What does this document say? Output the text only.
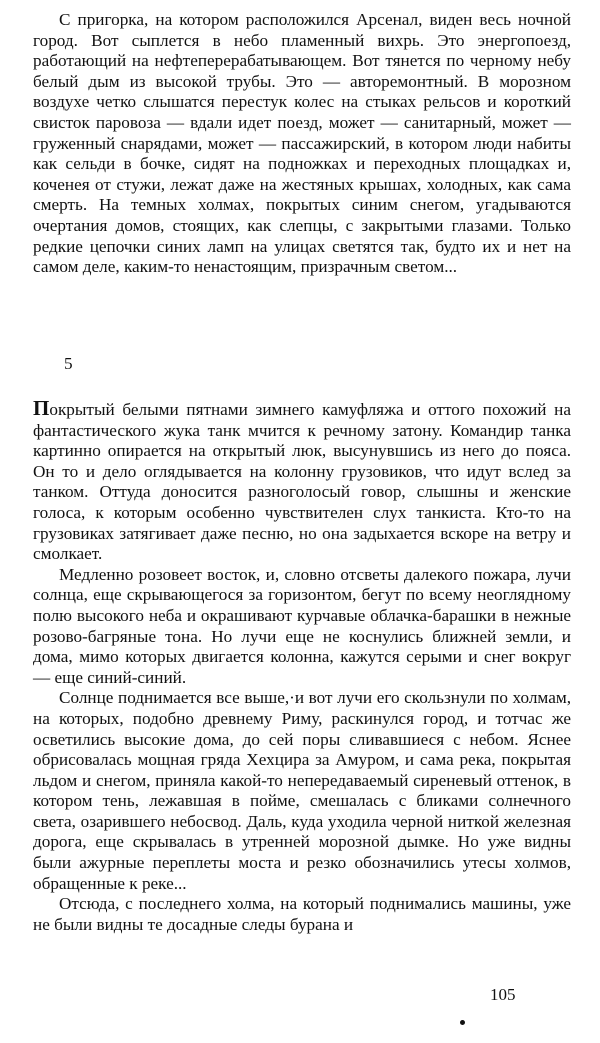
С пригорка, на котором расположился Арсенал, виден весь ночной город. Вот сыплется в небо пламенный вихрь. Это энергопоезд, работающий на нефтеперерабатывающем. Вот тянется по черному небу белый дым из высокой трубы. Это — авторемонтный. В морозном воздухе четко слышатся перестук колес на стыках рельсов и короткий свисток паровоза — вдали идет поезд, может — санитарный, может — груженный снарядами, может — пассажирский, в котором люди набиты как сельди в бочке, сидят на подножках и переходных площадках и, коченея от стужи, лежат даже на жестяных крышах, холодных, как сама смерть. На темных холмах, покрытых синим снегом, угадываются очертания домов, стоящих, как слепцы, с закрытыми глазами. Только редкие цепочки синих ламп на улицах светятся так, будто их и нет на самом деле, каким-то ненастоящим, призрачным светом...

5

Покрытый белыми пятнами зимнего камуфляжа и оттого похожий на фантастического жука танк мчится к речному затону. Командир танка картинно опирается на открытый люк, высунувшись из него до пояса. Он то и дело оглядывается на колонну грузовиков, что идут вслед за танком. Оттуда доносится разноголосый говор, слышны и женские голоса, к которым особенно чувствителен слух танкиста. Кто-то на грузовиках затягивает даже песню, но она задыхается вскоре на ветру и смолкает.

Медленно розовеет восток, и, словно отсветы далекого пожара, лучи солнца, еще скрывающегося за горизонтом, бегут по всему неоглядному полю высокого неба и окрашивают курчавые облачка-барашки в нежные розово-багряные тона. Но лучи еще не коснулись ближней земли, и дома, мимо которых двигается колонна, кажутся серыми и снег вокруг — еще синий-синий.

Солнце поднимается все выше,·и вот лучи его скользнули по холмам, на которых, подобно древнему Риму, раскинулся город, и тотчас же осветились высокие дома, до сей поры сливавшиеся с небом. Яснее обрисовалась мощная гряда Хехцира за Амуром, и сама река, покрытая льдом и снегом, приняла какой-то непередаваемый сиреневый оттенок, в котором тень, лежавшая в пойме, смешалась с бликами солнечного света, озарившего небосвод. Даль, куда уходила черной ниткой железная дорога, еще скрывалась в утренней морозной дымке. Но уже видны были ажурные переплеты моста и резко обозначились утесы холмов, обращенные к реке...

Отсюда, с последнего холма, на который поднимались машины, уже не были видны те досадные следы бурана и

105
